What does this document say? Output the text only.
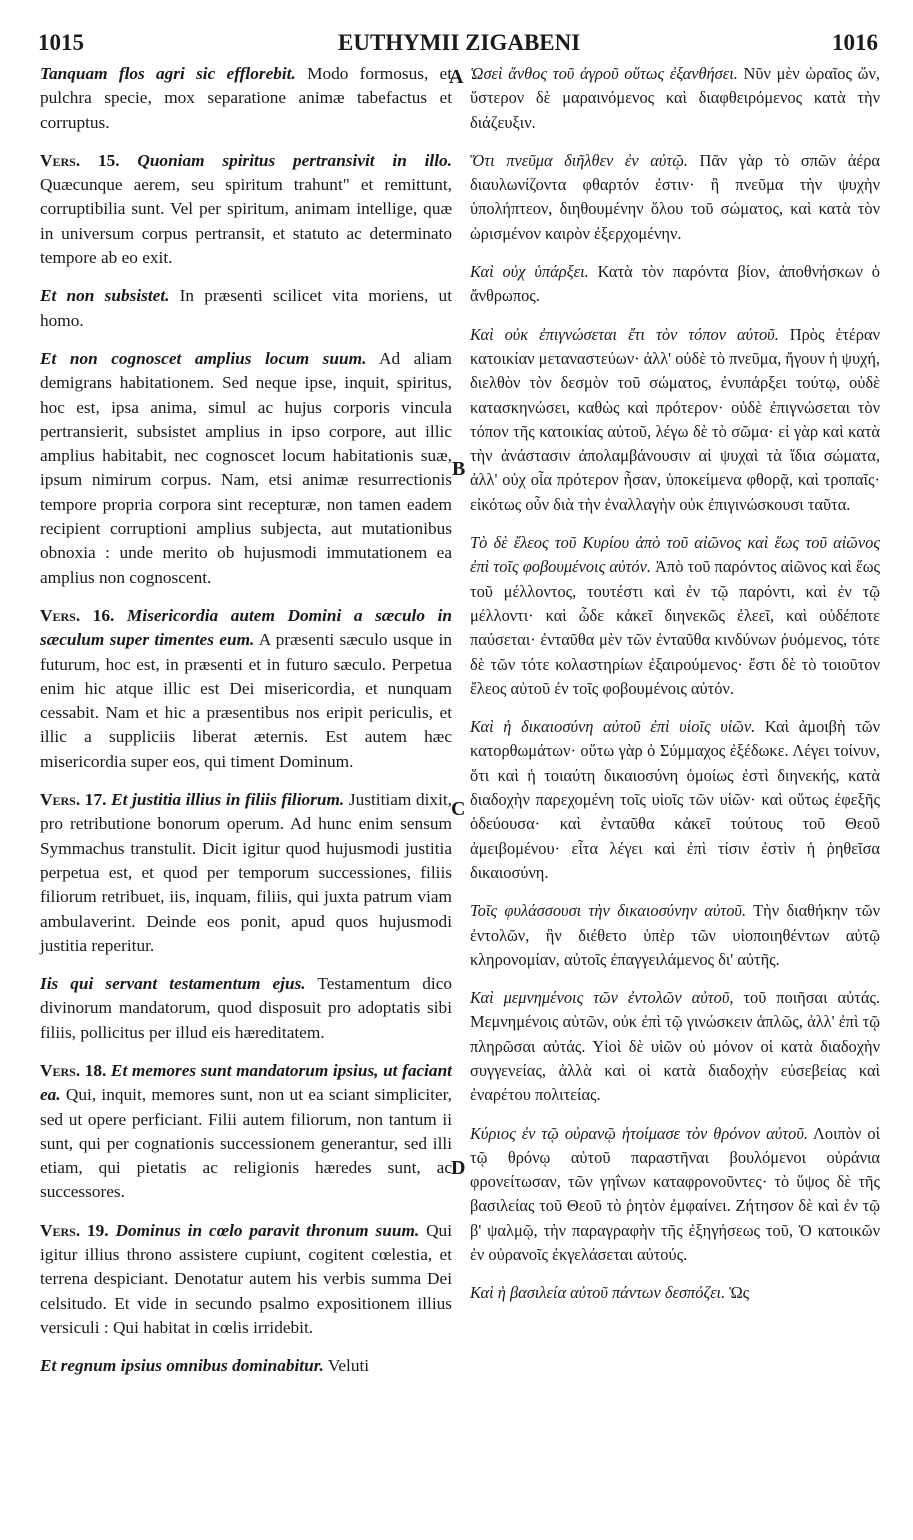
1015	EUTHYMII ZIGABENI	1016
A
B
C
D

Tanquam flos agri sic efflorebit. Modo formosus, et pulchra specie, mox separatione animæ tabefactus et corruptus.

Vers. 15. Quoniam spiritus pertransivit in illo. Quæcunque aerem, seu spiritum trahunt" et remittunt, corruptibilia sunt. Vel per spiritum, animam intellige, quæ in universum corpus pertransit, et statuto ac determinato tempore ab eo exit.

Et non subsistet. In præsenti scilicet vita moriens, ut homo.

Et non cognoscet amplius locum suum. Ad aliam demigrans habitationem. Sed neque ipse, inquit, spiritus, hoc est, ipsa anima, simul ac hujus corporis vincula pertransierit, subsistet amplius in ipso corpore, aut illic amplius habitabit, nec cognoscet locum habitationis suæ, ipsum nimirum corpus. Nam, etsi animæ resurrectionis tempore propria corpora sint recepturæ, non tamen eadem recipient corruptioni amplius subjecta, aut mutationibus obnoxia : unde merito ob hujusmodi immutationem ea amplius non cognoscent.

Vers. 16. Misericordia autem Domini a sæculo in sæculum super timentes eum. A præsenti sæculo usque in futurum, hoc est, in præsenti et in futuro sæculo. Perpetua enim hic atque illic est Dei misericordia, et nunquam cessabit. Nam et hic a præsentibus nos eripit periculis, et illic a suppliciis liberat æternis. Est autem hæc misericordia super eos, qui timent Dominum.

Vers. 17. Et justitia illius in filiis filiorum. Justitiam dixit, pro retributione bonorum operum. Ad hunc enim sensum Symmachus transtulit. Dicit igitur quod hujusmodi justitia perpetua est, et quod per temporum successiones, filiis filiorum retribuet, iis, inquam, filiis, qui juxta patrum viam ambulaverint. Deinde eos ponit, apud quos hujusmodi justitia reperitur.

Iis qui servant testamentum ejus. Testamentum dico divinorum mandatorum, quod disposuit pro adoptatis sibi filiis, pollicitus per illud eis hæreditatem.

Vers. 18. Et memores sunt mandatorum ipsius, ut faciant ea. Qui, inquit, memores sunt, non ut ea sciant simpliciter, sed ut opere perficiant. Filii autem filiorum, non tantum ii sunt, qui per cognationis successionem generantur, sed illi etiam, qui pietatis ac religionis hæredes sunt, ac successores.

Vers. 19. Dominus in cœlo paravit thronum suum. Qui igitur illius throno assistere cupiunt, cogitent cœlestia, et terrena despiciant. Denotatur autem his verbis summa Dei celsitudo. Et vide in secundo psalmo expositionem illius versiculi : Qui habitat in cœlis irridebit.

Et regnum ipsius omnibus dominabitur. Veluti

Ὡσεὶ ἄνθος τοῦ ἀγροῦ οὕτως ἐξανθήσει. Νῦν μὲν ὡραῖος ὤν, ὕστερον δὲ μαραινόμενος καὶ διαφθειρόμενος κατὰ τὴν διάζευξιν.

Ὅτι πνεῦμα διῆλθεν ἐν αὐτῷ. Πᾶν γὰρ τὸ σπῶν ἀέρα διαυλωνίζοντα φθαρτόν ἐστιν· ἢ πνεῦμα τὴν ψυχὴν ὑπολήπτεον, διηθουμένην ὅλου τοῦ σώματος, καὶ κατὰ τὸν ὡρισμένον καιρὸν ἐξερχομένην.

Καὶ οὐχ ὑπάρξει. Κατὰ τὸν παρόντα βίον, ἀποθνήσκων ὁ ἄνθρωπος.

Καὶ οὐκ ἐπιγνώσεται ἔτι τὸν τόπον αὐτοῦ. Πρὸς ἑτέραν κατοικίαν μεταναστεύων· ἀλλ' οὐδὲ τὸ πνεῦμα, ἤγουν ἡ ψυχή, διελθὸν τὸν δεσμὸν τοῦ σώματος, ἐνυπάρξει τούτῳ, οὐδὲ κατασκηνώσει, καθὼς καὶ πρότερον· οὐδὲ ἐπιγνώσεται τὸν τόπον τῆς κατοικίας αὐτοῦ, λέγω δὲ τὸ σῶμα· εἰ γὰρ καὶ κατὰ τὴν ἀνάστασιν ἀπολαμβάνουσιν αἱ ψυχαὶ τὰ ἴδια σώματα, ἀλλ' οὐχ οἷα πρότερον ἦσαν, ὑποκείμενα φθορᾷ, καὶ τροπαῖς· εἰκότως οὖν διὰ τὴν ἐναλλαγὴν οὐκ ἐπιγινώσκουσι ταῦτα.

Τὸ δὲ ἔλεος τοῦ Κυρίου ἀπὸ τοῦ αἰῶνος καὶ ἕως τοῦ αἰῶνος ἐπὶ τοῖς φοβουμένοις αὐτόν. Ἀπὸ τοῦ παρόντος αἰῶνος καὶ ἕως τοῦ μέλλοντος, τουτέστι καὶ ἐν τῷ παρόντι, καὶ ἐν τῷ μέλλοντι· καὶ ὧδε κἀκεῖ διηνεκῶς ἐλεεῖ, καὶ οὐδέποτε παύσεται· ἐνταῦθα μὲν τῶν ἐνταῦθα κινδύνων ῥυόμενος, τότε δὲ τῶν τότε κολαστηρίων ἐξαιρούμενος· ἔστι δὲ τὸ τοιοῦτον ἔλεος αὐτοῦ ἐν τοῖς φοβουμένοις αὐτόν.

Καὶ ἡ δικαιοσύνη αὐτοῦ ἐπὶ υἱοῖς υἱῶν. Καὶ ἀμοιβὴ τῶν κατορθωμάτων· οὕτω γὰρ ὁ Σύμμαχος ἐξέδωκε. Λέγει τοίνυν, ὅτι καὶ ἡ τοιαύτη δικαιοσύνη ὁμοίως ἐστὶ διηνεκής, κατὰ διαδοχὴν παρεχομένη τοῖς υἱοῖς τῶν υἱῶν· καὶ οὕτως ἐφεξῆς ὁδεύουσα· καὶ ἐνταῦθα κἀκεῖ τούτους τοῦ Θεοῦ ἀμειβομένου· εἶτα λέγει καὶ ἐπὶ τίσιν ἐστὶν ἡ ῥηθεῖσα δικαιοσύνη.

Τοῖς φυλάσσουσι τὴν δικαιοσύνην αὐτοῦ. Τὴν διαθήκην τῶν ἐντολῶν, ἣν διέθετο ὑπὲρ τῶν υἱοποιηθέντων αὐτῷ κληρονομίαν, αὐτοῖς ἐπαγγειλάμενος δι' αὐτῆς.

Καὶ μεμνημένοις τῶν ἐντολῶν αὐτοῦ, τοῦ ποιῆσαι αὐτάς. Μεμνημένοις αὐτῶν, οὐκ ἐπὶ τῷ γινώσκειν ἁπλῶς, ἀλλ' ἐπὶ τῷ πληρῶσαι αὐτάς. Υἱοὶ δὲ υἱῶν οὐ μόνον οἱ κατὰ διαδοχὴν συγγενείας, ἀλλὰ καὶ οἱ κατὰ διαδοχὴν εὐσεβείας καὶ ἐναρέτου πολιτείας.

Κύριος ἐν τῷ οὐρανῷ ἡτοίμασε τὸν θρόνον αὐτοῦ. Λοιπὸν οἱ τῷ θρόνῳ αὐτοῦ παραστῆναι βουλόμενοι οὐράνια φρονείτωσαν, τῶν γηΐνων καταφρονοῦντες· τὸ ὕψος δὲ τῆς βασιλείας τοῦ Θεοῦ τὸ ῥητὸν ἐμφαίνει. Ζήτησον δὲ καὶ ἐν τῷ β' ψαλμῷ, τὴν παραγραφὴν τῆς ἐξηγήσεως τοῦ, Ὁ κατοικῶν ἐν οὐρανοῖς ἐκγελάσεται αὐτούς.

Καὶ ἡ βασιλεία αὐτοῦ πάντων δεσπόζει. Ὡς
